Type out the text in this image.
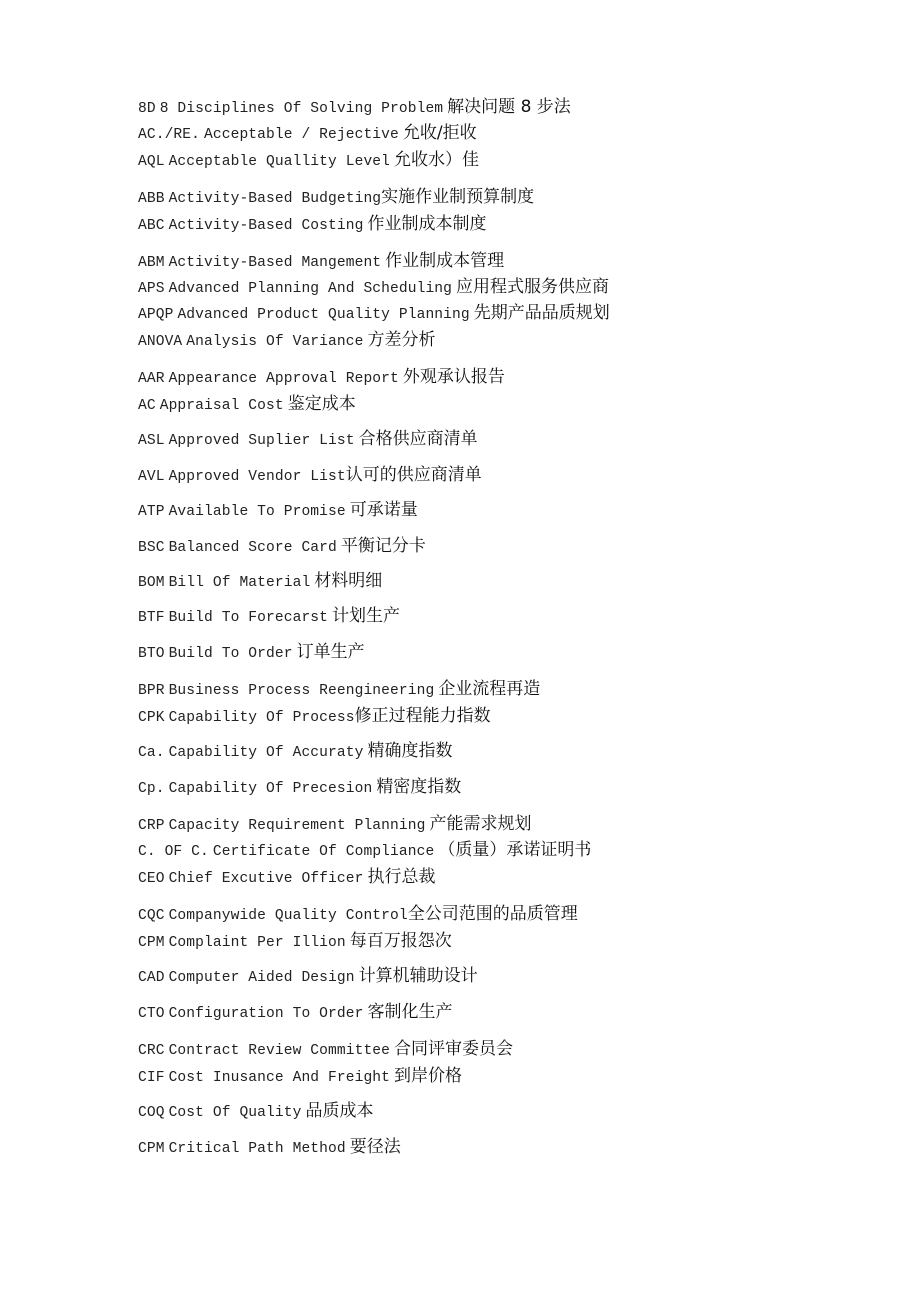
8D 8 Disciplines Of Solving Problem 解决问题 8 步法
AC./RE. Acceptable / Rejective 允收/拒收
AQL Acceptable Quallity Level 允收水）佳
ABB Activity-Based Budgeting实施作业制预算制度
ABC Activity-Based Costing 作业制成本制度
ABM Activity-Based Mangement 作业制成本管理
APS Advanced Planning And Scheduling 应用程式服务供应商
APQP Advanced Product Quality Planning 先期产品品质规划
ANOVA Analysis Of Variance 方差分析
AAR Appearance Approval Report 外观承认报告
AC Appraisal Cost 鉴定成本
ASL Approved Suplier List 合格供应商清单
AVL Approved Vendor List认可的供应商清单
ATP Available To Promise 可承诺量
BSC Balanced Score Card 平衡记分卡
BOM Bill Of Material 材料明细
BTF Build To Forecarst 计划生产
BTO Build To Order 订单生产
BPR Business Process Reengineering 企业流程再造
CPK Capability Of Process修正过程能力指数
Ca. Capability Of Accuraty 精确度指数
Cp. Capability Of Precesion 精密度指数
CRP Capacity Requirement Planning 产能需求规划
C. OF C. Certificate Of Compliance （质量）承诺证明书
CEO Chief Excutive Officer 执行总裁
CQC Companywide Quality Control全公司范围的品质管理
CPM Complaint Per Illion 每百万报怨次
CAD Computer Aided Design 计算机辅助设计
CTO Configuration To Order 客制化生产
CRC Contract Review Committee 合同评审委员会
CIF Cost Inusance And Freight 到岸价格
COQ Cost Of Quality 品质成本
CPM Critical Path Method 要径法
